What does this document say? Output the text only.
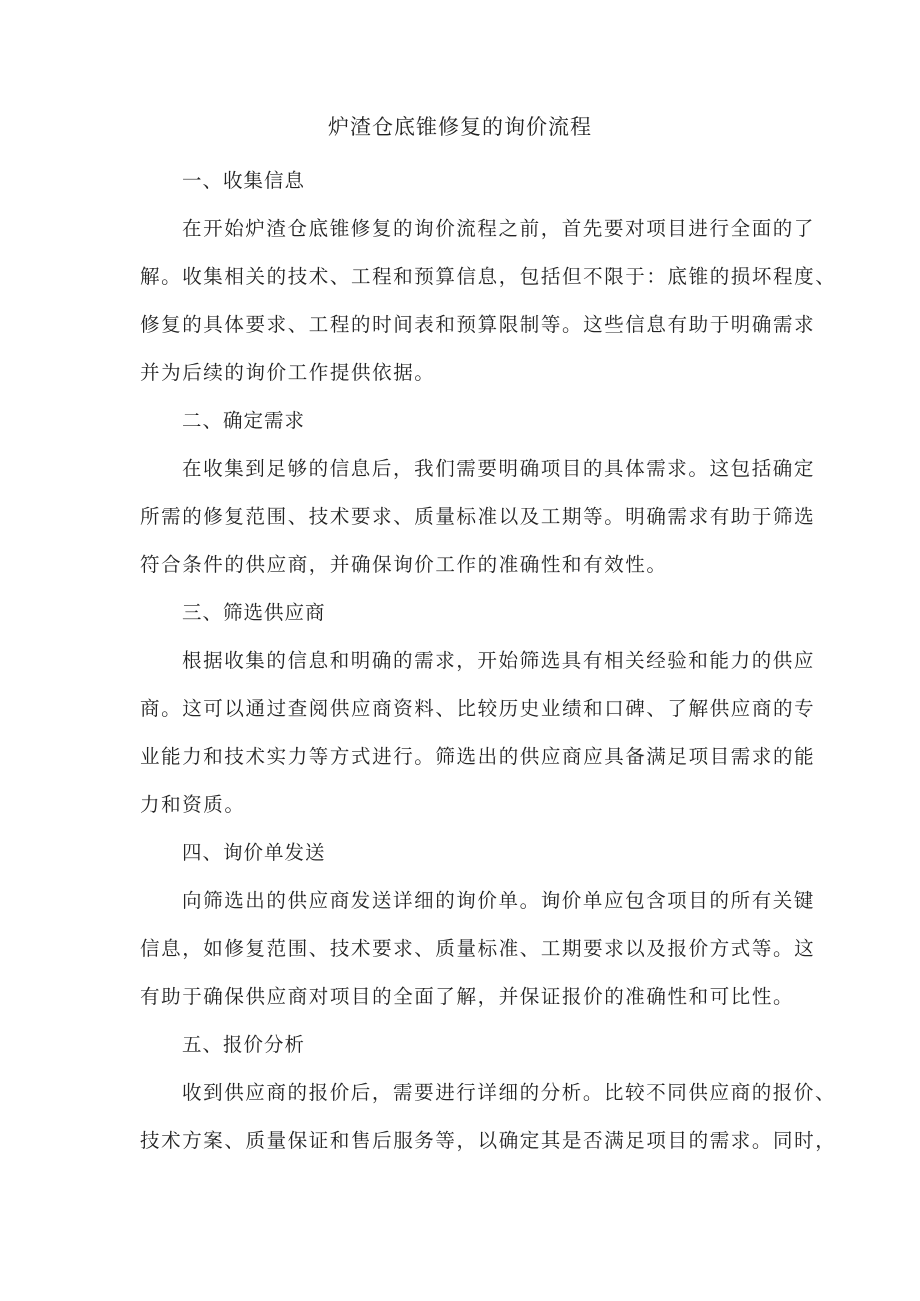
炉渣仓底锥修复的询价流程
一、收集信息
在开始炉渣仓底锥修复的询价流程之前，首先要对项目进行全面的了
解。收集相关的技术、工程和预算信息，包括但不限于：底锥的损坏程度、
修复的具体要求、工程的时间表和预算限制等。这些信息有助于明确需求
并为后续的询价工作提供依据。
二、确定需求
在收集到足够的信息后，我们需要明确项目的具体需求。这包括确定
所需的修复范围、技术要求、质量标准以及工期等。明确需求有助于筛选
符合条件的供应商，并确保询价工作的准确性和有效性。
三、筛选供应商
根据收集的信息和明确的需求，开始筛选具有相关经验和能力的供应
商。这可以通过查阅供应商资料、比较历史业绩和口碑、了解供应商的专
业能力和技术实力等方式进行。筛选出的供应商应具备满足项目需求的能
力和资质。
四、询价单发送
向筛选出的供应商发送详细的询价单。询价单应包含项目的所有关键
信息，如修复范围、技术要求、质量标准、工期要求以及报价方式等。这
有助于确保供应商对项目的全面了解，并保证报价的准确性和可比性。
五、报价分析
收到供应商的报价后，需要进行详细的分析。比较不同供应商的报价、
技术方案、质量保证和售后服务等，以确定其是否满足项目的需求。同时，
